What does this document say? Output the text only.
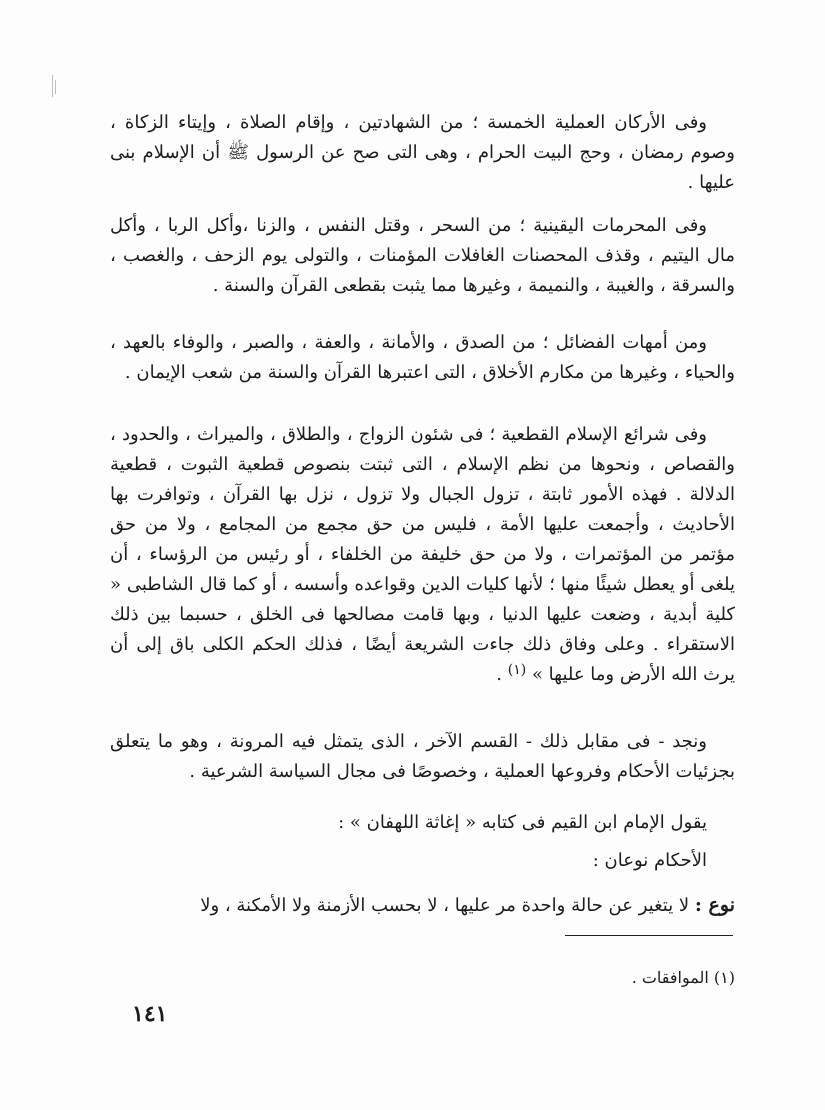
وفى الأركان العملية الخمسة ؛ من الشهادتين ، وإقام الصلاة ، وإيتاء الزكاة ، وصوم رمضان ، وحج البيت الحرام ، وهى التى صح عن الرسول ﷺ أن الإسلام بنى عليها .

وفى المحرمات اليقينية ؛ من السحر ، وقتل النفس ، والزنا ،وأكل الربا ، وأكل مال اليتيم ، وقذف المحصنات الغافلات المؤمنات ، والتولى يوم الزحف ، والغصب ، والسرقة ، والغيبة ، والنميمة ، وغيرها مما يثبت بقطعى القرآن والسنة .

ومن أمهات الفضائل ؛ من الصدق ، والأمانة ، والعفة ، والصبر ، والوفاء بالعهد ، والحياء ، وغيرها من مكارم الأخلاق ، التى اعتبرها القرآن والسنة من شعب الإيمان .

وفى شرائع الإسلام القطعية ؛ فى شئون الزواج ، والطلاق ، والميراث ، والحدود ، والقصاص ، ونحوها من نظم الإسلام ، التى ثبتت بنصوص قطعية الثبوت ، قطعية الدلالة . فهذه الأمور ثابتة ، تزول الجبال ولا تزول ، نزل بها القرآن ، وتوافرت بها الأحاديث ، وأجمعت عليها الأمة ، فليس من حق مجمع من المجامع ، ولا من حق مؤتمر من المؤتمرات ، ولا من حق خليفة من الخلفاء ، أو رئيس من الرؤساء ، أن يلغى أو يعطل شيئًا منها ؛ لأنها كليات الدين وقواعده وأسسه ، أو كما قال الشاطبى « كلية أبدية ، وضعت عليها الدنيا ، وبها قامت مصالحها فى الخلق ، حسبما بين ذلك الاستقراء . وعلى وفاق ذلك جاءت الشريعة أيضًا ، فذلك الحكم الكلى باق إلى أن يرث الله الأرض وما عليها » $^{(١)}$ .

ونجد - فى مقابل ذلك - القسم الآخر ، الذى يتمثل فيه المرونة ، وهو ما يتعلق بجزئيات الأحكام وفروعها العملية ، وخصوصًا فى مجال السياسة الشرعية .

يقول الإمام ابن القيم فى كتابه « إغاثة اللهفان » :

الأحكام نوعان :

نوع : لا يتغير عن حالة واحدة مر عليها ، لا بحسب الأزمنة ولا الأمكنة ، ولا

(١) الموافقات .

١٤١
